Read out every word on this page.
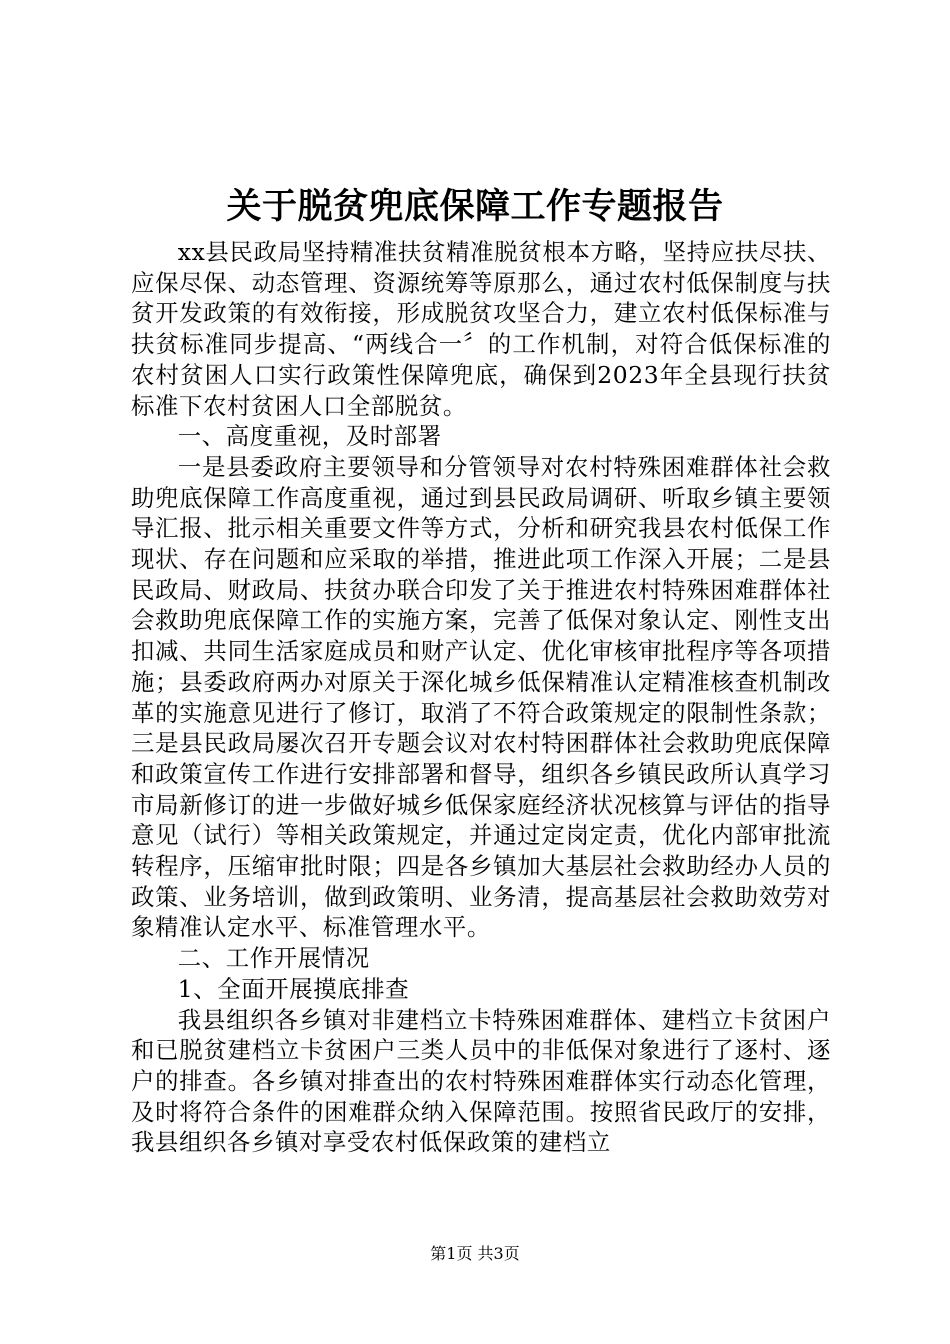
关于脱贫兜底保障工作专题报告

xx县民政局坚持精准扶贫精准脱贫根本方略，坚持应扶尽扶、应保尽保、动态管理、资源统筹等原那么，通过农村低保制度与扶贫开发政策的有效衔接，形成脱贫攻坚合力，建立农村低保标准与扶贫标准同步提高、“两线合一〞的工作机制，对符合低保标准的农村贫困人口实行政策性保障兜底，确保到2023年全县现行扶贫标准下农村贫困人口全部脱贫。

一、高度重视，及时部署

一是县委政府主要领导和分管领导对农村特殊困难群体社会救助兜底保障工作高度重视，通过到县民政局调研、听取乡镇主要领导汇报、批示相关重要文件等方式，分析和研究我县农村低保工作现状、存在问题和应采取的举措，推进此项工作深入开展；二是县民政局、财政局、扶贫办联合印发了关于推进农村特殊困难群体社会救助兜底保障工作的实施方案，完善了低保对象认定、刚性支出扣减、共同生活家庭成员和财产认定、优化审核审批程序等各项措施；县委政府两办对原关于深化城乡低保精准认定精准核查机制改革的实施意见进行了修订，取消了不符合政策规定的限制性条款；三是县民政局屡次召开专题会议对农村特困群体社会救助兜底保障和政策宣传工作进行安排部署和督导，组织各乡镇民政所认真学习市局新修订的进一步做好城乡低保家庭经济状况核算与评估的指导意见（试行）等相关政策规定，并通过定岗定责，优化内部审批流转程序，压缩审批时限；四是各乡镇加大基层社会救助经办人员的政策、业务培训，做到政策明、业务清，提高基层社会救助效劳对象精准认定水平、标准管理水平。

二、工作开展情况

1、全面开展摸底排查

我县组织各乡镇对非建档立卡特殊困难群体、建档立卡贫困户和已脱贫建档立卡贫困户三类人员中的非低保对象进行了逐村、逐户的排查。各乡镇对排查出的农村特殊困难群体实行动态化管理，及时将符合条件的困难群众纳入保障范围。按照省民政厅的安排，我县组织各乡镇对享受农村低保政策的建档立

第1页 共3页
